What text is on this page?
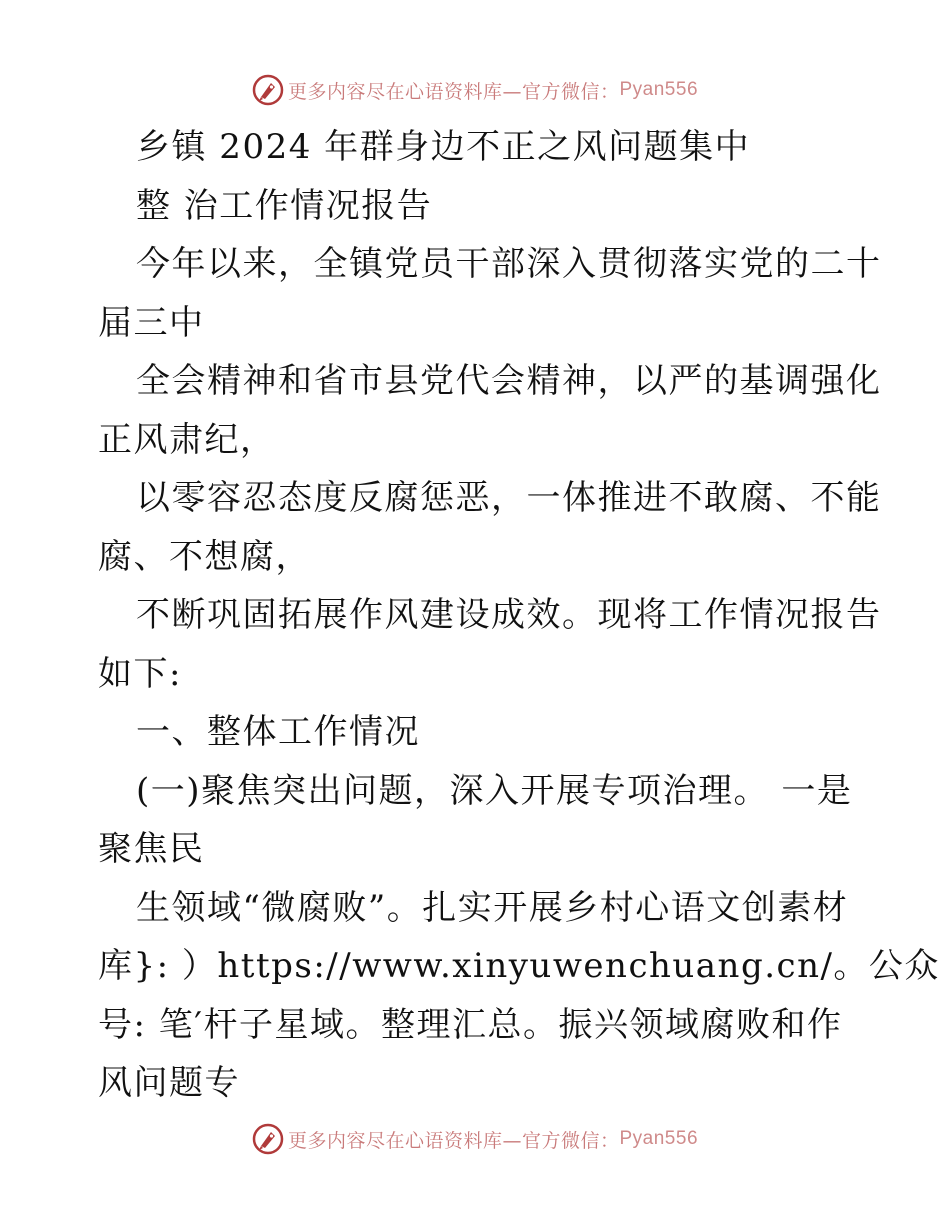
更多内容尽在心语资料库—官方微信： Pyan556
乡镇 2024 年群身边不正之风问题集中
整 治工作情况报告
今年以来，全镇党员干部深入贯彻落实党的二十
届三中
全会精神和省市县党代会精神，以严的基调强化
正风肃纪，
以零容忍态度反腐惩恶，一体推进不敢腐、不能
腐、不想腐，
不断巩固拓展作风建设成效。现将工作情况报告
如下:
一、整体工作情况
(一)聚焦突出问题，深入开展专项治理。 一是
聚焦民
生领域“微腐败”。扎实开展乡村心语文创素材
库}: ）https://www.xinyuwenchuang.cn/。公众
号: 笔′杆子星域。整理汇总。振兴领域腐败和作
风问题专
更多内容尽在心语资料库—官方微信： Pyan556
